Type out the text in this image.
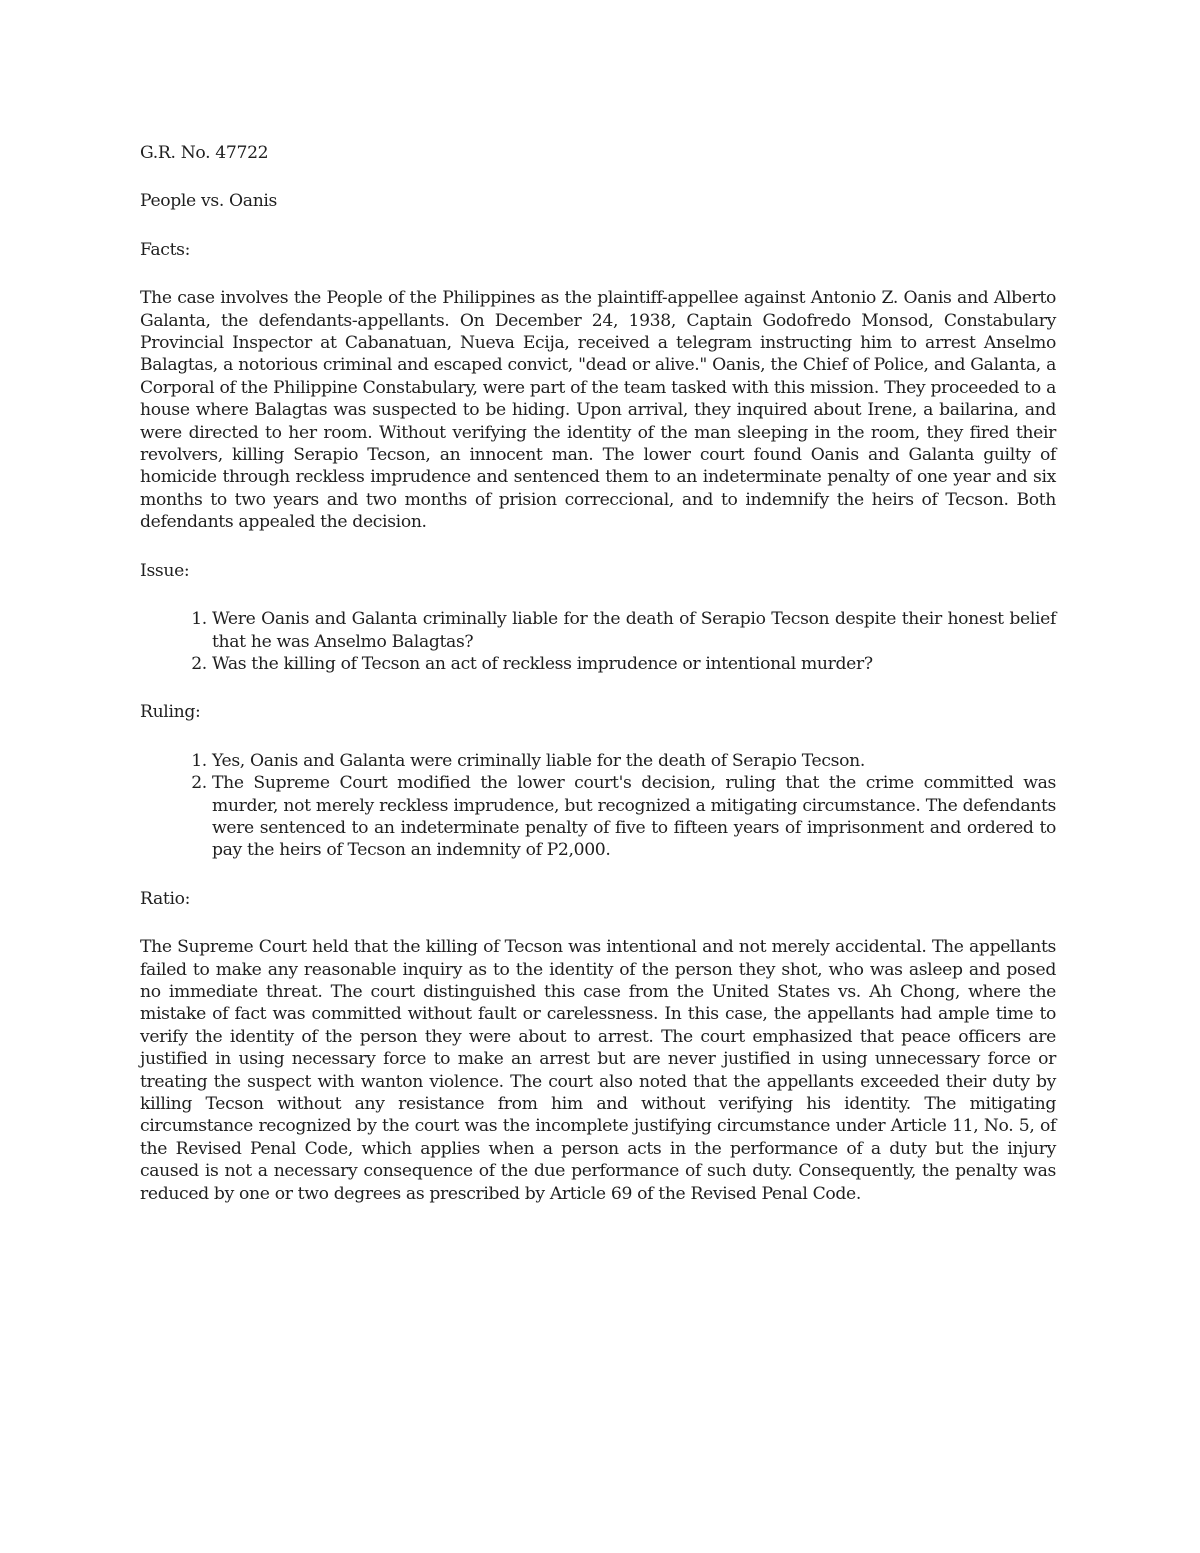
G.R. No. 47722

People vs. Oanis

Facts:

The case involves the People of the Philippines as the plaintiff-appellee against Antonio Z. Oanis and Alberto Galanta, the defendants-appellants. On December 24, 1938, Captain Godofredo Monsod, Constabulary Provincial Inspector at Cabanatuan, Nueva Ecija, received a telegram instructing him to arrest Anselmo Balagtas, a notorious criminal and escaped convict, "dead or alive." Oanis, the Chief of Police, and Galanta, a Corporal of the Philippine Constabulary, were part of the team tasked with this mission. They proceeded to a house where Balagtas was suspected to be hiding. Upon arrival, they inquired about Irene, a bailarina, and were directed to her room. Without verifying the identity of the man sleeping in the room, they fired their revolvers, killing Serapio Tecson, an innocent man. The lower court found Oanis and Galanta guilty of homicide through reckless imprudence and sentenced them to an indeterminate penalty of one year and six months to two years and two months of prision correccional, and to indemnify the heirs of Tecson. Both defendants appealed the decision.

Issue:

1. Were Oanis and Galanta criminally liable for the death of Serapio Tecson despite their honest belief that he was Anselmo Balagtas?
2. Was the killing of Tecson an act of reckless imprudence or intentional murder?

Ruling:

1. Yes, Oanis and Galanta were criminally liable for the death of Serapio Tecson.
2. The Supreme Court modified the lower court's decision, ruling that the crime committed was murder, not merely reckless imprudence, but recognized a mitigating circumstance. The defendants were sentenced to an indeterminate penalty of five to fifteen years of imprisonment and ordered to pay the heirs of Tecson an indemnity of P2,000.

Ratio:

The Supreme Court held that the killing of Tecson was intentional and not merely accidental. The appellants failed to make any reasonable inquiry as to the identity of the person they shot, who was asleep and posed no immediate threat. The court distinguished this case from the United States vs. Ah Chong, where the mistake of fact was committed without fault or carelessness. In this case, the appellants had ample time to verify the identity of the person they were about to arrest. The court emphasized that peace officers are justified in using necessary force to make an arrest but are never justified in using unnecessary force or treating the suspect with wanton violence. The court also noted that the appellants exceeded their duty by killing Tecson without any resistance from him and without verifying his identity. The mitigating circumstance recognized by the court was the incomplete justifying circumstance under Article 11, No. 5, of the Revised Penal Code, which applies when a person acts in the performance of a duty but the injury caused is not a necessary consequence of the due performance of such duty. Consequently, the penalty was reduced by one or two degrees as prescribed by Article 69 of the Revised Penal Code.
